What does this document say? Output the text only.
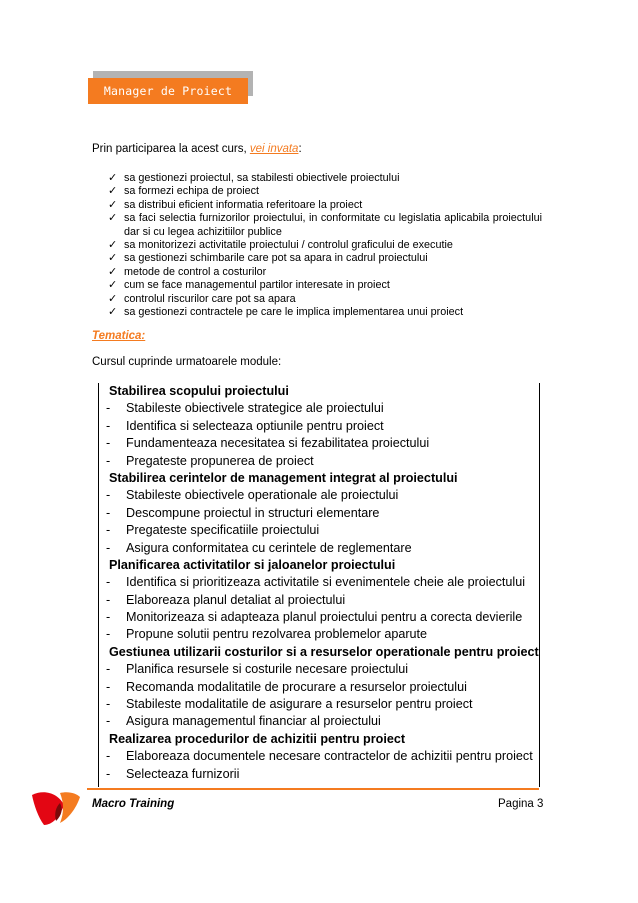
Manager de Proiect
Prin participarea la acest curs, vei invata:
✓ sa gestionezi proiectul, sa stabilesti obiectivele proiectului
✓ sa formezi echipa de proiect
✓ sa distribui eficient informatia referitoare la proiect
✓ sa faci selectia furnizorilor proiectului, in conformitate cu legislatia aplicabila proiectului dar si cu legea achizitiilor publice
✓ sa monitorizezi activitatile proiectului / controlul graficului de executie
✓ sa gestionezi schimbarile care pot sa apara in cadrul proiectului
✓ metode de control a costurilor
✓ cum se face managementul partilor interesate in proiect
✓ controlul riscurilor care pot sa apara
✓ sa gestionezi contractele pe care le implica implementarea unui proiect
Tematica:
Cursul cuprinde urmatoarele module:
Stabilirea scopului proiectului
- Stabileste obiectivele strategice ale proiectului
- Identifica si selecteaza optiunile pentru proiect
- Fundamenteaza necesitatea si fezabilitatea proiectului
- Pregateste propunerea de proiect
Stabilirea cerintelor de management integrat al proiectului
- Stabileste obiectivele operationale ale proiectului
- Descompune proiectul in structuri elementare
- Pregateste specificatiile proiectului
- Asigura conformitatea cu cerintele de reglementare
Planificarea activitatilor si jaloanelor proiectului
- Identifica si prioritizeaza activitatile si evenimentele cheie ale proiectului
- Elaboreaza planul detaliat al proiectului
- Monitorizeaza si adapteaza planul proiectului pentru a corecta devierile
- Propune solutii pentru rezolvarea problemelor aparute
Gestiunea utilizarii costurilor si a resurselor operationale pentru proiect
- Planifica resursele si costurile necesare proiectului
- Recomanda modalitatile de procurare a resurselor proiectului
- Stabileste modalitatile de asigurare a resurselor pentru proiect
- Asigura managementul financiar al proiectului
Realizarea procedurilor de achizitii pentru proiect
- Elaboreaza documentele necesare contractelor de achizitii pentru proiect
- Selecteaza furnizorii
Macro Training	Pagina 3
